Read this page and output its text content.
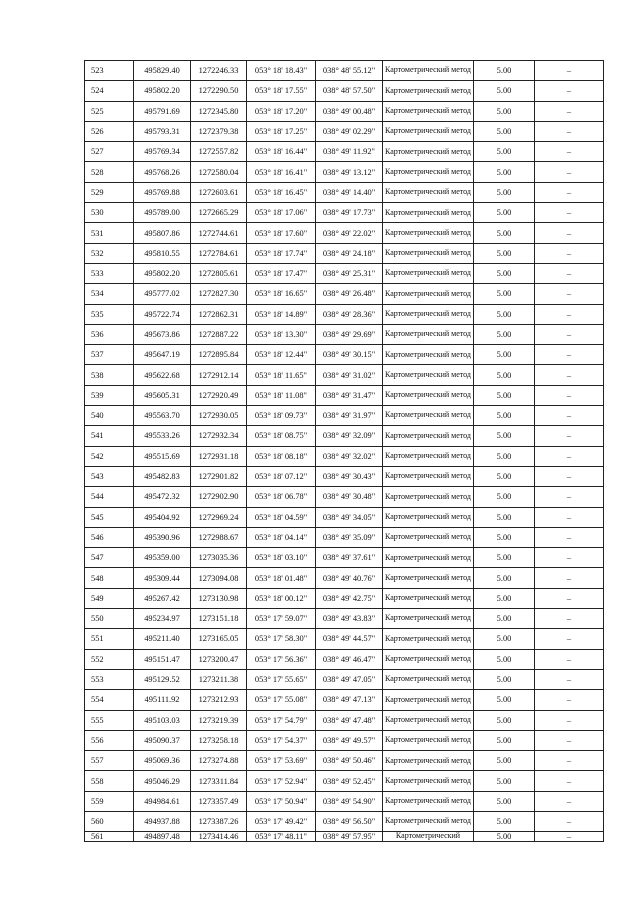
523	495829.40	1272246.33	053° 18' 18.43"	038° 48' 55.12"	Картометрический метод	5.00	–
524	495802.20	1272290.50	053° 18' 17.55"	038° 48' 57.50"	Картометрический метод	5.00	–
525	495791.69	1272345.80	053° 18' 17.20"	038° 49' 00.48"	Картометрический метод	5.00	–
526	495793.31	1272379.38	053° 18' 17.25"	038° 49' 02.29"	Картометрический метод	5.00	–
527	495769.34	1272557.82	053° 18' 16.44"	038° 49' 11.92"	Картометрический метод	5.00	–
528	495768.26	1272580.04	053° 18' 16.41"	038° 49' 13.12"	Картометрический метод	5.00	–
529	495769.88	1272603.61	053° 18' 16.45"	038° 49' 14.40"	Картометрический метод	5.00	–
530	495789.00	1272665.29	053° 18' 17.06"	038° 49' 17.73"	Картометрический метод	5.00	–
531	495807.86	1272744.61	053° 18' 17.60"	038° 49' 22.02"	Картометрический метод	5.00	–
532	495810.55	1272784.61	053° 18' 17.74"	038° 49' 24.18"	Картометрический метод	5.00	–
533	495802.20	1272805.61	053° 18' 17.47"	038° 49' 25.31"	Картометрический метод	5.00	–
534	495777.02	1272827.30	053° 18' 16.65"	038° 49' 26.48"	Картометрический метод	5.00	–
535	495722.74	1272862.31	053° 18' 14.89"	038° 49' 28.36"	Картометрический метод	5.00	–
536	495673.86	1272887.22	053° 18' 13.30"	038° 49' 29.69"	Картометрический метод	5.00	–
537	495647.19	1272895.84	053° 18' 12.44"	038° 49' 30.15"	Картометрический метод	5.00	–
538	495622.68	1272912.14	053° 18' 11.65"	038° 49' 31.02"	Картометрический метод	5.00	–
539	495605.31	1272920.49	053° 18' 11.08"	038° 49' 31.47"	Картометрический метод	5.00	–
540	495563.70	1272930.05	053° 18' 09.73"	038° 49' 31.97"	Картометрический метод	5.00	–
541	495533.26	1272932.34	053° 18' 08.75"	038° 49' 32.09"	Картометрический метод	5.00	–
542	495515.69	1272931.18	053° 18' 08.18"	038° 49' 32.02"	Картометрический метод	5.00	–
543	495482.83	1272901.82	053° 18' 07.12"	038° 49' 30.43"	Картометрический метод	5.00	–
544	495472.32	1272902.90	053° 18' 06.78"	038° 49' 30.48"	Картометрический метод	5.00	–
545	495404.92	1272969.24	053° 18' 04.59"	038° 49' 34.05"	Картометрический метод	5.00	–
546	495390.96	1272988.67	053° 18' 04.14"	038° 49' 35.09"	Картометрический метод	5.00	–
547	495359.00	1273035.36	053° 18' 03.10"	038° 49' 37.61"	Картометрический метод	5.00	–
548	495309.44	1273094.08	053° 18' 01.48"	038° 49' 40.76"	Картометрический метод	5.00	–
549	495267.42	1273130.98	053° 18' 00.12"	038° 49' 42.75"	Картометрический метод	5.00	–
550	495234.97	1273151.18	053° 17' 59.07"	038° 49' 43.83"	Картометрический метод	5.00	–
551	495211.40	1273165.05	053° 17' 58.30"	038° 49' 44.57"	Картометрический метод	5.00	–
552	495151.47	1273200.47	053° 17' 56.36"	038° 49' 46.47"	Картометрический метод	5.00	–
553	495129.52	1273211.38	053° 17' 55.65"	038° 49' 47.05"	Картометрический метод	5.00	–
554	495111.92	1273212.93	053° 17' 55.08"	038° 49' 47.13"	Картометрический метод	5.00	–
555	495103.03	1273219.39	053° 17' 54.79"	038° 49' 47.48"	Картометрический метод	5.00	–
556	495090.37	1273258.18	053° 17' 54.37"	038° 49' 49.57"	Картометрический метод	5.00	–
557	495069.36	1273274.88	053° 17' 53.69"	038° 49' 50.46"	Картометрический метод	5.00	–
558	495046.29	1273311.84	053° 17' 52.94"	038° 49' 52.45"	Картометрический метод	5.00	–
559	494984.61	1273357.49	053° 17' 50.94"	038° 49' 54.90"	Картометрический метод	5.00	–
560	494937.88	1273387.26	053° 17' 49.42"	038° 49' 56.50"	Картометрический метод	5.00	–
561	494897.48	1273414.46	053° 17' 48.11"	038° 49' 57.95"	Картометрический	5.00	–
